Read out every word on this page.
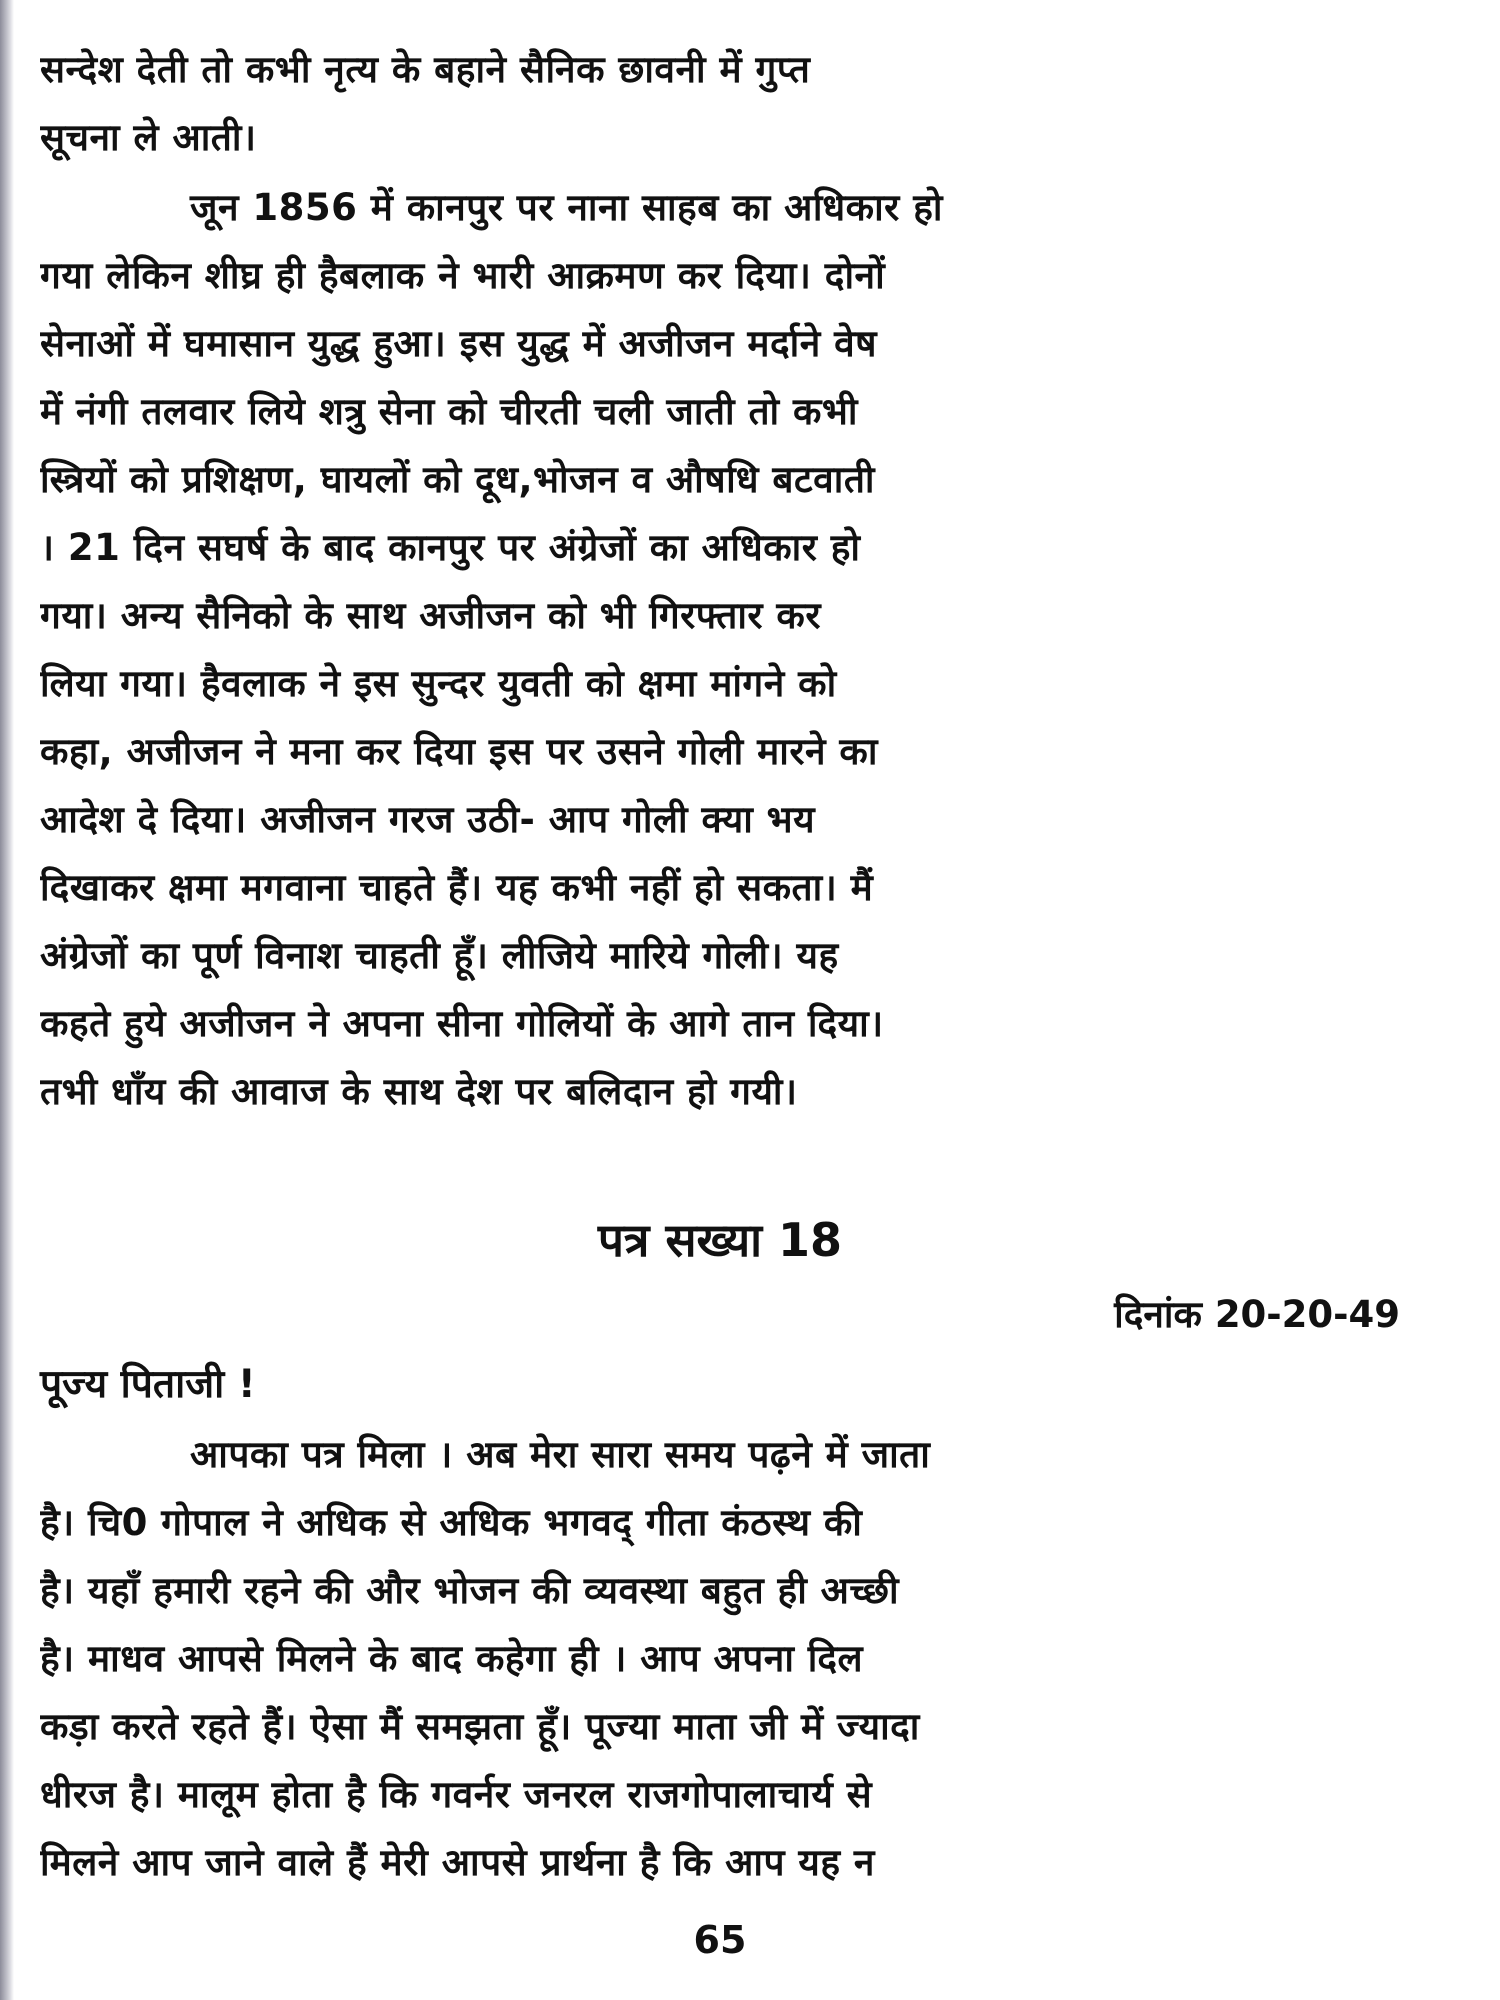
सन्देश देती तो कभी नृत्य के बहाने सैनिक छावनी में गुप्त
सूचना ले आती।
जून 1856 में कानपुर पर नाना साहब का अधिकार हो
गया लेकिन शीघ्र ही हैबलाक ने भारी आक्रमण कर दिया। दोनों
सेनाओं में घमासान युद्ध हुआ। इस युद्ध में अजीजन मर्दाने वेष
में नंगी तलवार लिये शत्रु सेना को चीरती चली जाती तो कभी
स्त्रियों को प्रशिक्षण, घायलों को दूध,भोजन व औषधि बटवाती
। 21 दिन सघर्ष के बाद कानपुर पर अंग्रेजों का अधिकार हो
गया। अन्य सैनिको के साथ अजीजन को भी गिरफ्तार कर
लिया गया। हैवलाक ने इस सुन्दर युवती को क्षमा मांगने को
कहा, अजीजन ने मना कर दिया इस पर उसने गोली मारने का
आदेश दे दिया। अजीजन गरज उठी- आप गोली क्या भय
दिखाकर क्षमा मगवाना चाहते हैं। यह कभी नहीं हो सकता। मैं
अंग्रेजों का पूर्ण विनाश चाहती हूँ। लीजिये मारिये गोली। यह
कहते हुये अजीजन ने अपना सीना गोलियों के आगे तान दिया।
तभी धाँय की आवाज के साथ देश पर बलिदान हो गयी।
पत्र सख्या 18
दिनांक 20-20-49
पूज्य पिताजी !
आपका पत्र मिला । अब मेरा सारा समय पढ़ने में जाता
है। चि0 गोपाल ने अधिक से अधिक भगवद् गीता कंठस्थ की
है। यहाँ हमारी रहने की और भोजन की व्यवस्था बहुत ही अच्छी
है। माधव आपसे मिलने के बाद कहेगा ही । आप अपना दिल
कड़ा करते रहते हैं। ऐसा मैं समझता हूँ। पूज्या माता जी में ज्यादा
धीरज है। मालूम होता है कि गवर्नर जनरल राजगोपालाचार्य से
मिलने आप जाने वाले हैं मेरी आपसे प्रार्थना है कि आप यह न
65
